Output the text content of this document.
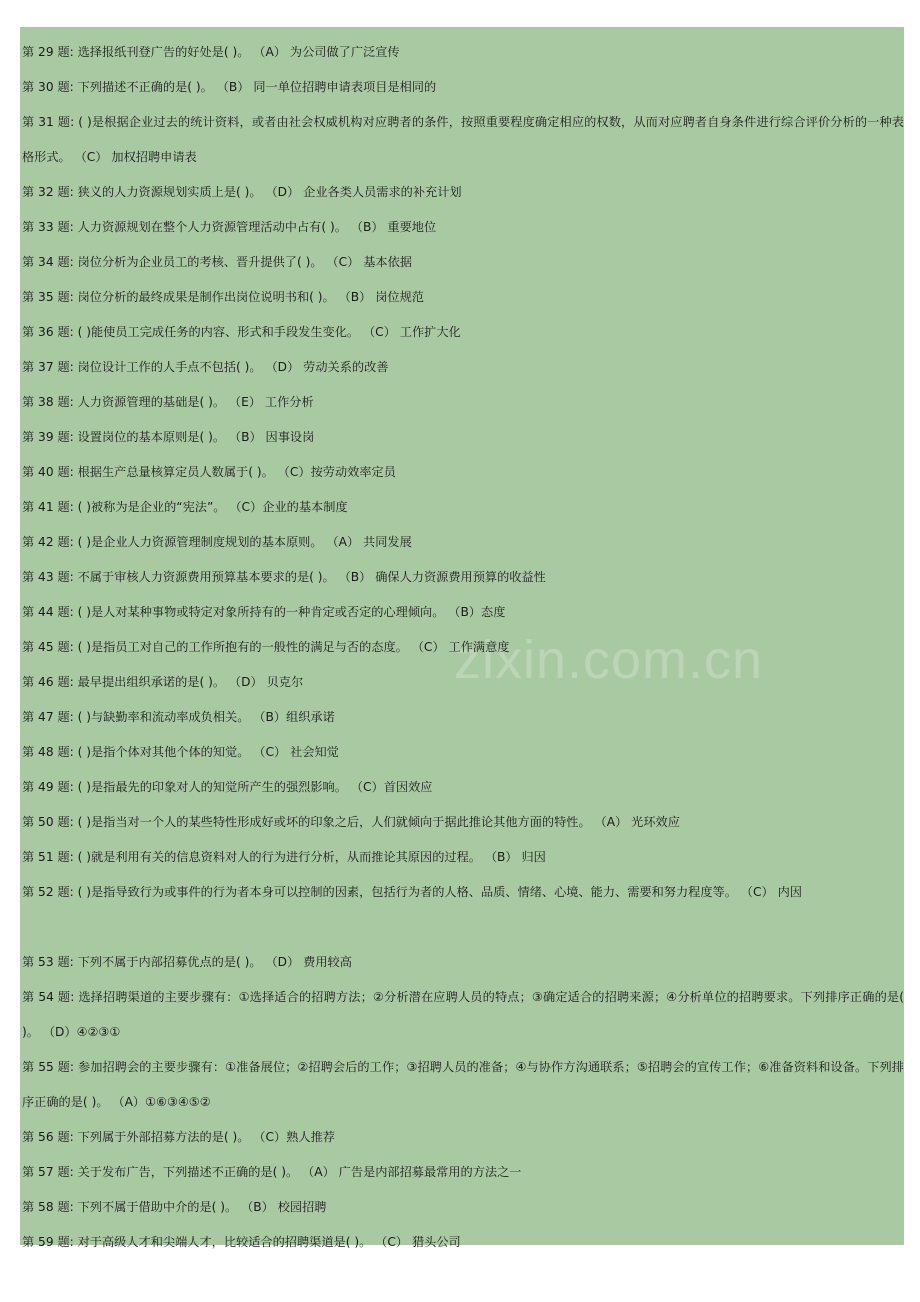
zixin.com.cn

第 29 题: 选择报纸刊登广告的好处是( )。 （A） 为公司做了广泛宣传

第 30 题: 下列描述不正确的是( )。 （B） 同一单位招聘申请表项目是相同的

第 31 题: ( )是根据企业过去的统计资料，或者由社会权威机构对应聘者的条件，按照重要程度确定相应的权数，从而对应聘者自身条件进行综合评价分析的一种表格形式。 （C） 加权招聘申请表

第 32 题: 狭义的人力资源规划实质上是( )。 （D） 企业各类人员需求的补充计划

第 33 题: 人力资源规划在整个人力资源管理活动中占有( )。 （B） 重要地位

第 34 题: 岗位分析为企业员工的考核、晋升提供了( )。 （C） 基本依据

第 35 题: 岗位分析的最终成果是制作出岗位说明书和( )。 （B） 岗位规范

第 36 题: ( )能使员工完成任务的内容、形式和手段发生变化。 （C） 工作扩大化

第 37 题: 岗位设计工作的人手点不包括( )。 （D） 劳动关系的改善

第 38 题: 人力资源管理的基础是( )。 （E） 工作分析

第 39 题: 设置岗位的基本原则是( )。 （B） 因事设岗

第 40 题: 根据生产总量核算定员人数属于( )。 （C）按劳动效率定员

第 41 题: ( )被称为是企业的“宪法”。 （C）企业的基本制度

第 42 题: ( )是企业人力资源管理制度规划的基本原则。 （A） 共同发展

第 43 题: 不属于审核人力资源费用预算基本要求的是( )。 （B） 确保人力资源费用预算的收益性

第 44 题: ( )是人对某种事物或特定对象所持有的一种肯定或否定的心理倾向。 （B）态度

第 45 题: ( )是指员工对自己的工作所抱有的一般性的满足与否的态度。 （C） 工作满意度

第 46 题: 最早提出组织承诺的是( )。 （D） 贝克尔

第 47 题: ( )与缺勤率和流动率成负相关。 （B）组织承诺

第 48 题: ( )是指个体对其他个体的知觉。 （C） 社会知觉

第 49 题: ( )是指最先的印象对人的知觉所产生的强烈影响。 （C）首因效应

第 50 题: ( )是指当对一个人的某些特性形成好或坏的印象之后，人们就倾向于据此推论其他方面的特性。 （A） 光环效应

第 51 题: ( )就是利用有关的信息资料对人的行为进行分析，从而推论其原因的过程。 （B） 归因

第 52 题: ( )是指导致行为或事件的行为者本身可以控制的因素，包括行为者的人格、品质、情绪、心境、能力、需要和努力程度等。 （C） 内因

第 53 题: 下列不属于内部招募优点的是( )。 （D） 费用较高

第 54 题: 选择招聘渠道的主要步骤有：①选择适合的招聘方法；②分析潜在应聘人员的特点；③确定适合的招聘来源；④分析单位的招聘要求。下列排序正确的是( )。 （D）④②③①

第 55 题: 参加招聘会的主要步骤有：①准备展位；②招聘会后的工作；③招聘人员的准备；④与协作方沟通联系；⑤招聘会的宣传工作；⑥准备资料和设备。下列排序正确的是( )。 （A）①⑥③④⑤②

第 56 题: 下列属于外部招募方法的是( )。 （C）熟人推荐

第 57 题: 关于发布广告，下列描述不正确的是( )。 （A） 广告是内部招募最常用的方法之一

第 58 题: 下列不属于借助中介的是( )。 （B） 校园招聘

第 59 题: 对于高级人才和尖端人才，比较适合的招聘渠道是( )。 （C） 猎头公司
